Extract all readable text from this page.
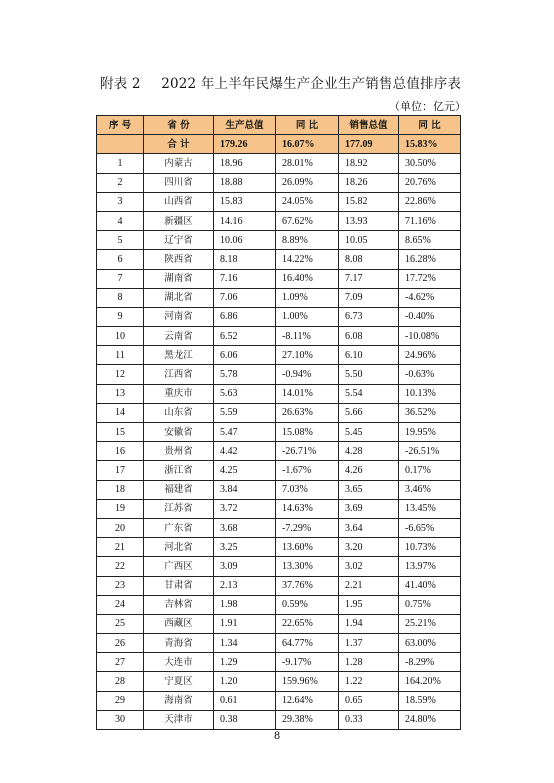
附表 2 2022 年上半年民爆生产企业生产销售总值排序表
（单位：亿元）
序 号	省 份	生产总值	同 比	销售总值	同 比
	合 计	179.26	16.07%	177.09	15.83%
1	内蒙古	18.96	28.01%	18.92	30.50%
2	四川省	18.88	26.09%	18.26	20.76%
3	山西省	15.83	24.05%	15.82	22.86%
4	新疆区	14.16	67.62%	13.93	71.16%
5	辽宁省	10.06	8.89%	10.05	8.65%
6	陕西省	8.18	14.22%	8.08	16.28%
7	湖南省	7.16	16.40%	7.17	17.72%
8	湖北省	7.06	1.09%	7.09	-4.62%
9	河南省	6.86	1.00%	6.73	-0.40%
10	云南省	6.52	-8.11%	6.08	-10.08%
11	黑龙江	6.06	27.10%	6.10	24.96%
12	江西省	5.78	-0.94%	5.50	-0.63%
13	重庆市	5.63	14.01%	5.54	10.13%
14	山东省	5.59	26.63%	5.66	36.52%
15	安徽省	5.47	15.08%	5.45	19.95%
16	贵州省	4.42	-26.71%	4.28	-26.51%
17	浙江省	4.25	-1.67%	4.26	0.17%
18	福建省	3.84	7.03%	3.65	3.46%
19	江苏省	3.72	14.63%	3.69	13.45%
20	广东省	3.68	-7.29%	3.64	-6.65%
21	河北省	3.25	13.60%	3.20	10.73%
22	广西区	3.09	13.30%	3.02	13.97%
23	甘肃省	2.13	37.76%	2.21	41.40%
24	吉林省	1.98	0.59%	1.95	0.75%
25	西藏区	1.91	22.65%	1.94	25.21%
26	青海省	1.34	64.77%	1.37	63.00%
27	大连市	1.29	-9.17%	1.28	-8.29%
28	宁夏区	1.20	159.96%	1.22	164.20%
29	海南省	0.61	12.64%	0.65	18.59%
30	天津市	0.38	29.38%	0.33	24.80%
8
